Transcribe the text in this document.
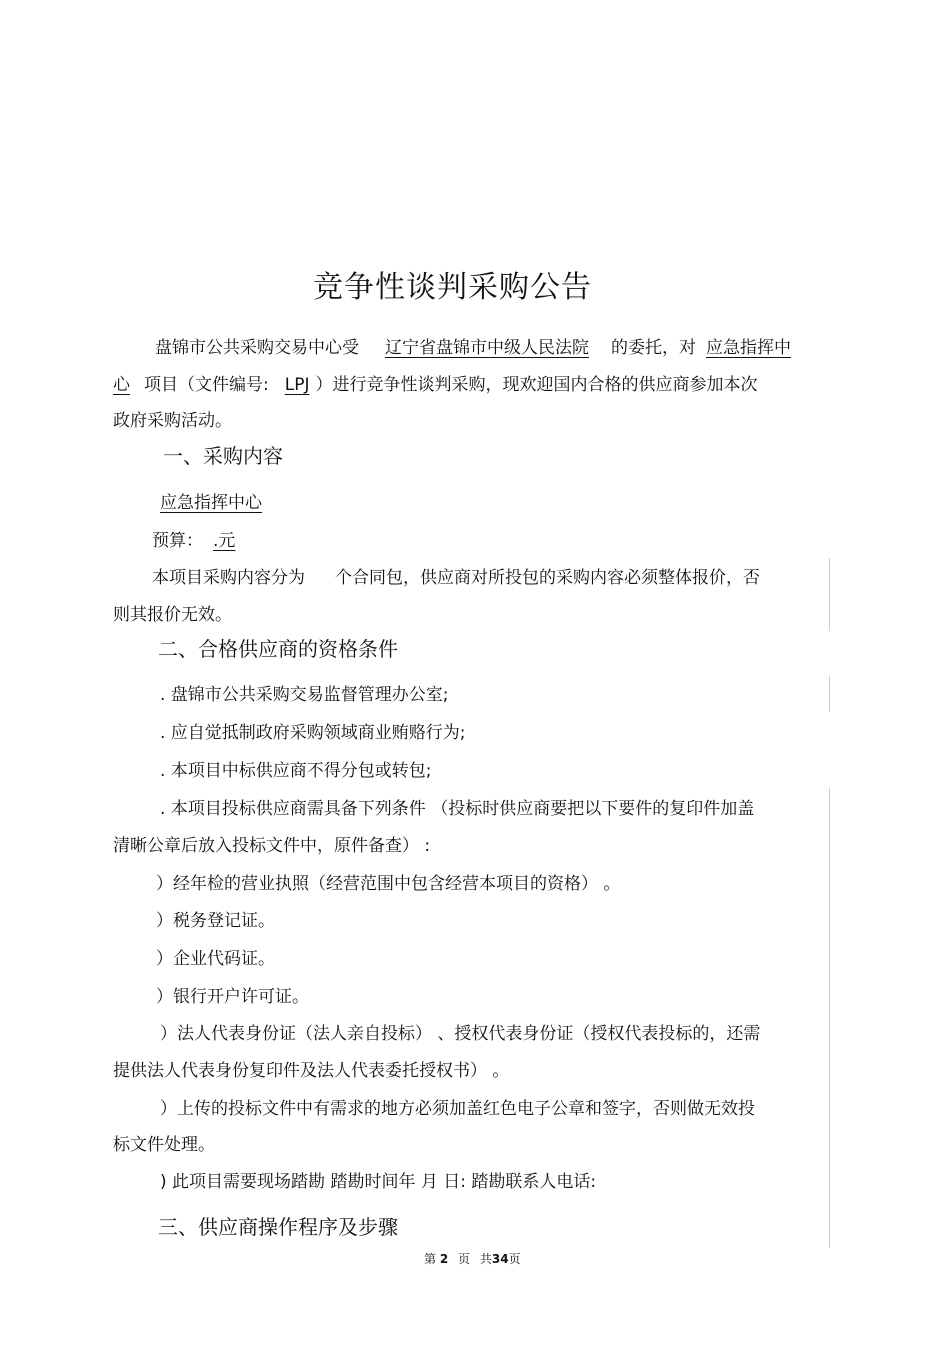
竞争性谈判采购公告
盘锦市公共采购交易中心受 辽宁省盘锦市中级人民法院 的委托，对 应急指挥中
心 项目（文件编号: LPJ ）进行竞争性谈判采购，现欢迎国内合格的供应商参加本次
政府采购活动。
一、采购内容
应急指挥中心
预算： .元
本项目采购内容分为 个合同包，供应商对所投包的采购内容必须整体报价，否
则其报价无效。
二、合格供应商的资格条件
. 盘锦市公共采购交易监督管理办公室;
. 应自觉抵制政府采购领域商业贿赂行为;
. 本项目中标供应商不得分包或转包;
. 本项目投标供应商需具备下列条件 （投标时供应商要把以下要件的复印件加盖
清晰公章后放入投标文件中，原件备查） :
）经年检的营业执照（经营范围中包含经营本项目的资格） 。
）税务登记证。
）企业代码证。
）银行开户许可证。
）法人代表身份证（法人亲自投标） 、授权代表身份证（授权代表投标的，还需
提供法人代表身份复印件及法人代表委托授权书） 。
）上传的投标文件中有需求的地方必须加盖红色电子公章和签字，否则做无效投
标文件处理。
) 此项目需要现场踏勘 踏勘时间年 月 日: 踏勘联系人电话:
三、供应商操作程序及步骤
第 2 页 共34页
